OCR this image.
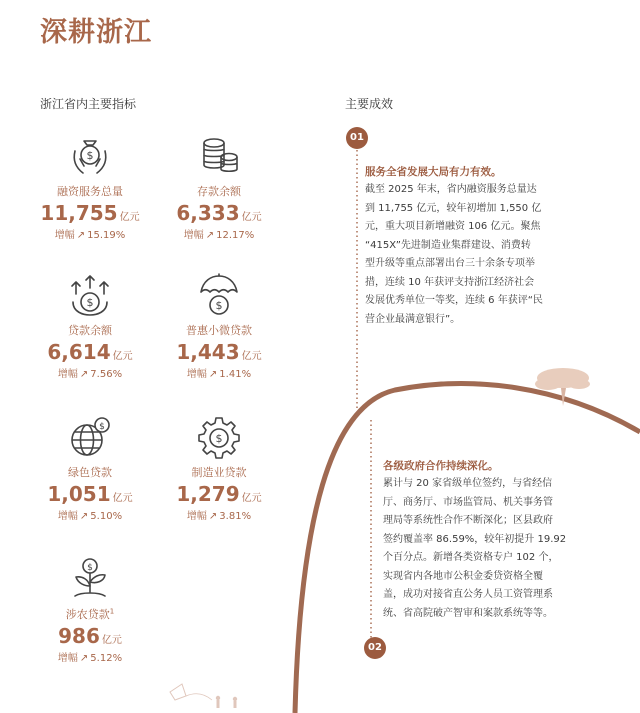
深耕浙江
浙江省内主要指标	主要成效
$
融资服务总量
11,755 亿元
增幅 ↗ 15.19%
存款余额
6,333 亿元
增幅 ↗ 12.17%
$
贷款余额
6,614 亿元
增幅 ↗ 7.56%
$
普惠小微贷款
1,443 亿元
增幅 ↗ 1.41%
$
绿色贷款
1,051 亿元
增幅 ↗ 5.10%
$
制造业贷款
1,279 亿元
增幅 ↗ 3.81%
$
涉农贷款$^1$
986 亿元
增幅 ↗ 5.12%
01
服务全省发展大局有力有效。
截至 2025 年末，省内融资服务总量达
到 11,755 亿元，较年初增加 1,550 亿
元，重大项目新增融资 106 亿元。聚焦
“415X”先进制造业集群建设、消费转
型升级等重点部署出台三十余条专项举
措，连续 10 年获评支持浙江经济社会
发展优秀单位一等奖，连续 6 年获评“民
营企业最满意银行”。
各级政府合作持续深化。
累计与 20 家省级单位签约，与省经信
厅、商务厅、市场监管局、机关事务管
理局等系统性合作不断深化；区县政府
签约覆盖率 86.59%，较年初提升 19.92
个百分点。新增各类资格专户 102 个，
实现省内各地市公积金委贷资格全覆
盖，成功对接省直公务人员工资管理系
统、省高院破产智审和案款系统等等。
02
